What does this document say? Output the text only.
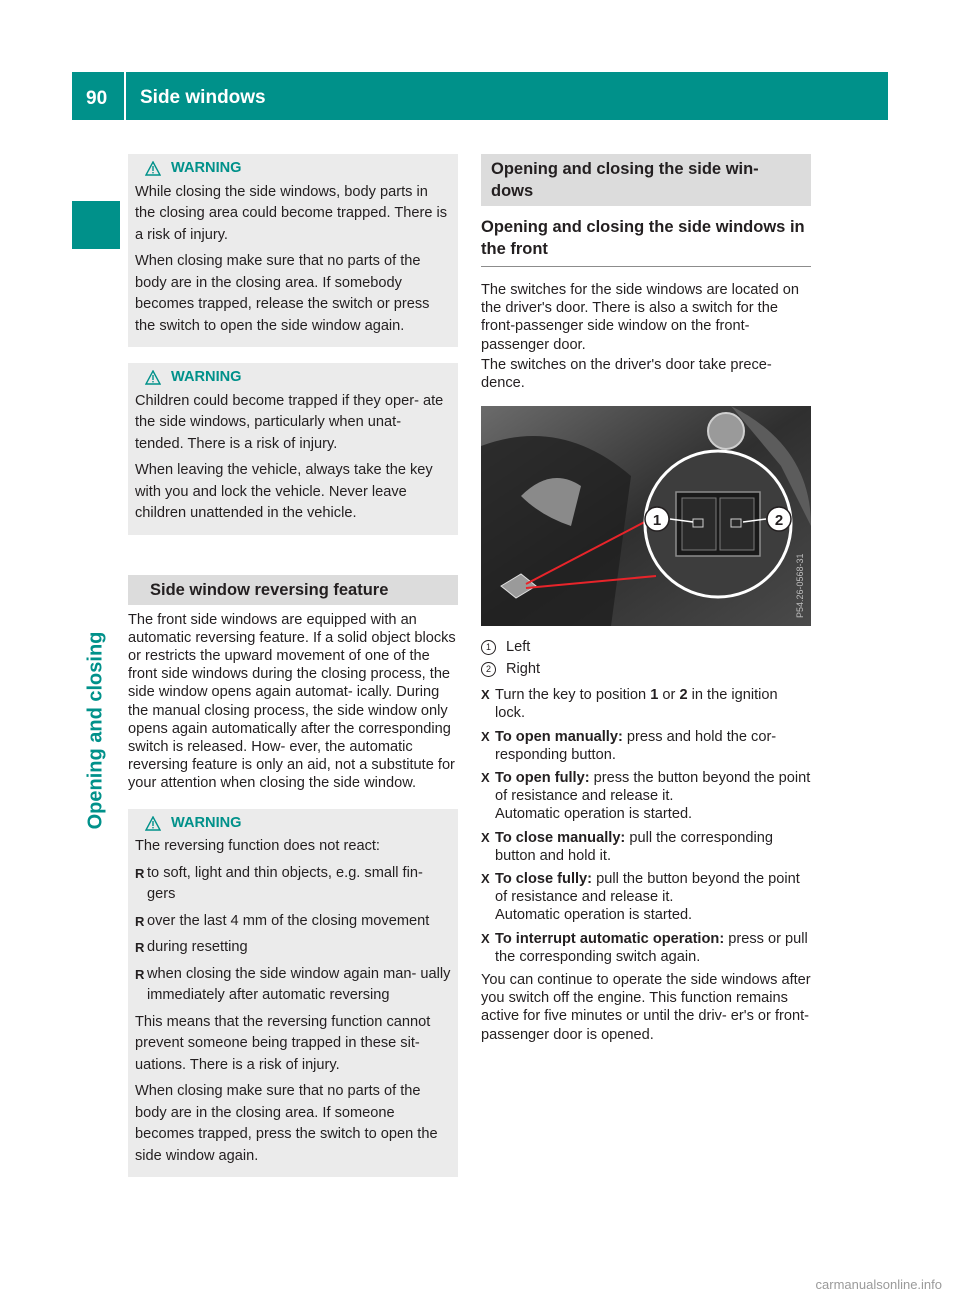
90 Side windows
Opening and closing
WARNING

While closing the side windows, body parts in the closing area could become trapped. There is a risk of injury.

When closing make sure that no parts of the body are in the closing area. If somebody becomes trapped, release the switch or press the switch to open the side window again.

WARNING

Children could become trapped if they oper- ate the side windows, particularly when unat- tended. There is a risk of injury.

When leaving the vehicle, always take the key with you and lock the vehicle. Never leave children unattended in the vehicle.

Side window reversing feature

The front side windows are equipped with an automatic reversing feature. If a solid object blocks or restricts the upward movement of one of the front side windows during the closing process, the side window opens again automat- ically. During the manual closing process, the side window only opens again automatically after the corresponding switch is released. How- ever, the automatic reversing feature is only an aid, not a substitute for your attention when closing the side window.

WARNING

The reversing function does not react:

R to soft, light and thin objects, e.g. small fin- gers
R over the last 4 mm of the closing movement
R during resetting
R when closing the side window again man- ually immediately after automatic reversing

This means that the reversing function cannot prevent someone being trapped in these sit- uations. There is a risk of injury.

When closing make sure that no parts of the body are in the closing area. If someone becomes trapped, press the switch to open the side window again.

Opening and closing the side win- dows
Opening and closing the side windows in the front

The switches for the side windows are located on the driver's door. There is also a switch for the front-passenger side window on the front- passenger door.

The switches on the driver's door take prece- dence.

1	2
P54.26-0568-31
1	Left
2	Right
X Turn the key to position 1 or 2 in the ignition lock.
X To open manually: press and hold the cor- responding button.
X To open fully: press the button beyond the point of resistance and release it.
Automatic operation is started.
X To close manually: pull the corresponding button and hold it.
X To close fully: pull the button beyond the point of resistance and release it.
Automatic operation is started.
X To interrupt automatic operation: press or pull the corresponding switch again.

You can continue to operate the side windows after you switch off the engine. This function remains active for five minutes or until the driv- er's or front-passenger door is opened.

carmanualsonline.info
